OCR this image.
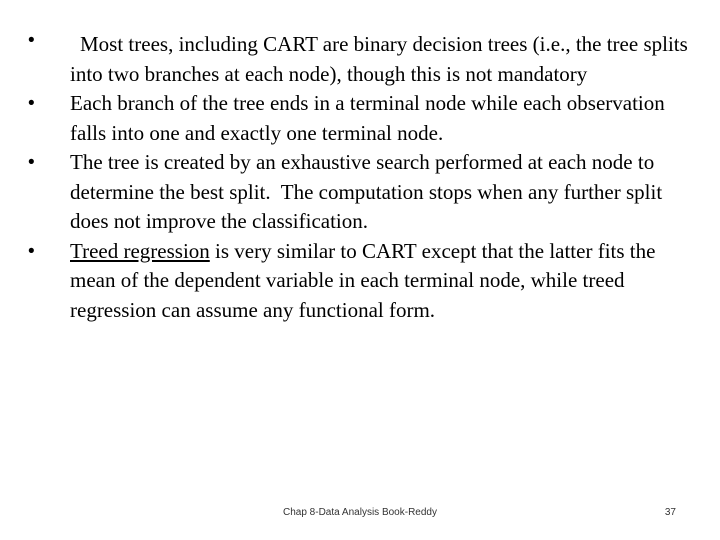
• Most trees, including CART are binary decision trees (i.e., the tree splits into two branches at each node), though this is not mandatory
• Each branch of the tree ends in a terminal node while each observation falls into one and exactly one terminal node.
• The tree is created by an exhaustive search performed at each node to determine the best split.  The computation stops when any further split does not improve the classification.
• Treed regression is very similar to CART except that the latter fits the mean of the dependent variable in each terminal node, while treed regression can assume any functional form.
Chap 8-Data Analysis Book-Reddy	37
